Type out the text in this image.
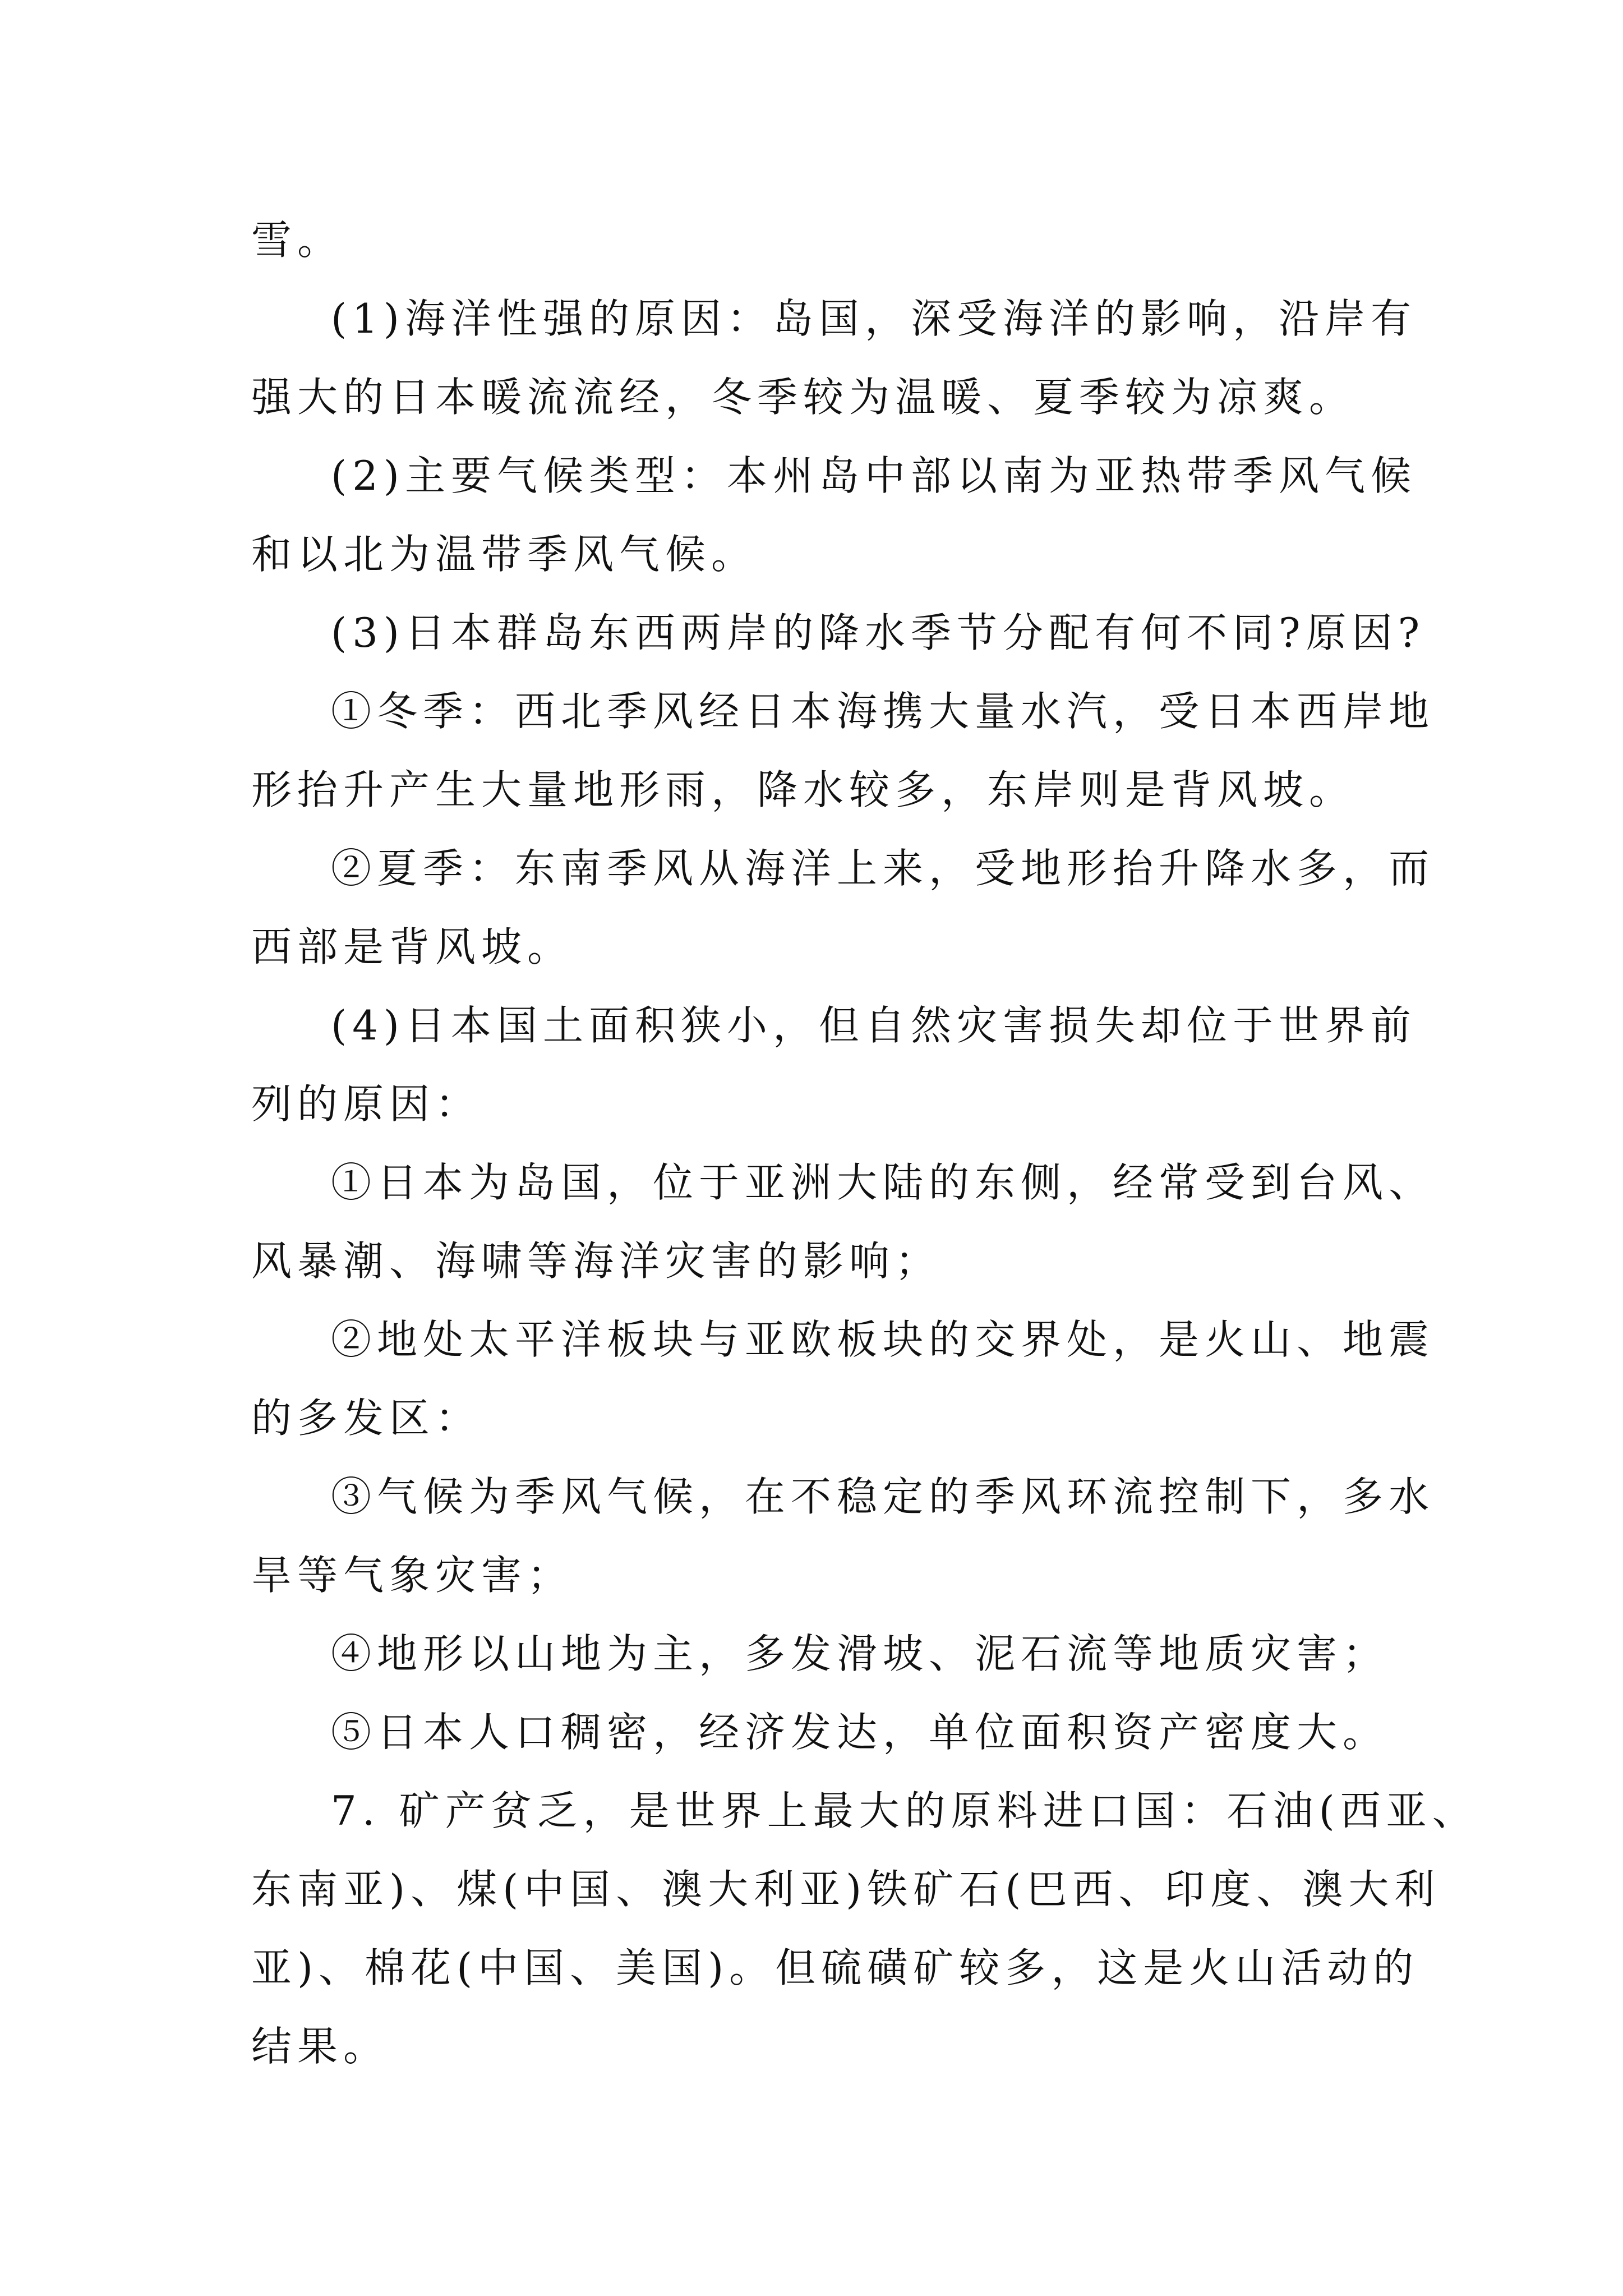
雪。
(1)海洋性强的原因：岛国，深受海洋的影响，沿岸有
强大的日本暖流流经，冬季较为温暖、夏季较为凉爽。
(2)主要气候类型：本州岛中部以南为亚热带季风气候
和以北为温带季风气候。
(3)日本群岛东西两岸的降水季节分配有何不同?原因?
①冬季：西北季风经日本海携大量水汽，受日本西岸地
形抬升产生大量地形雨，降水较多，东岸则是背风坡。
②夏季：东南季风从海洋上来，受地形抬升降水多，而
西部是背风坡。
(4)日本国土面积狭小，但自然灾害损失却位于世界前
列的原因：
①日本为岛国，位于亚洲大陆的东侧，经常受到台风、
风暴潮、海啸等海洋灾害的影响；
②地处太平洋板块与亚欧板块的交界处，是火山、地震
的多发区：
③气候为季风气候，在不稳定的季风环流控制下，多水
旱等气象灾害；
④地形以山地为主，多发滑坡、泥石流等地质灾害；
⑤日本人口稠密，经济发达，单位面积资产密度大。
7. 矿产贫乏，是世界上最大的原料进口国：石油(西亚、
东南亚)、煤(中国、澳大利亚)铁矿石(巴西、印度、澳大利
亚)、棉花(中国、美国)。但硫磺矿较多，这是火山活动的
结果。
